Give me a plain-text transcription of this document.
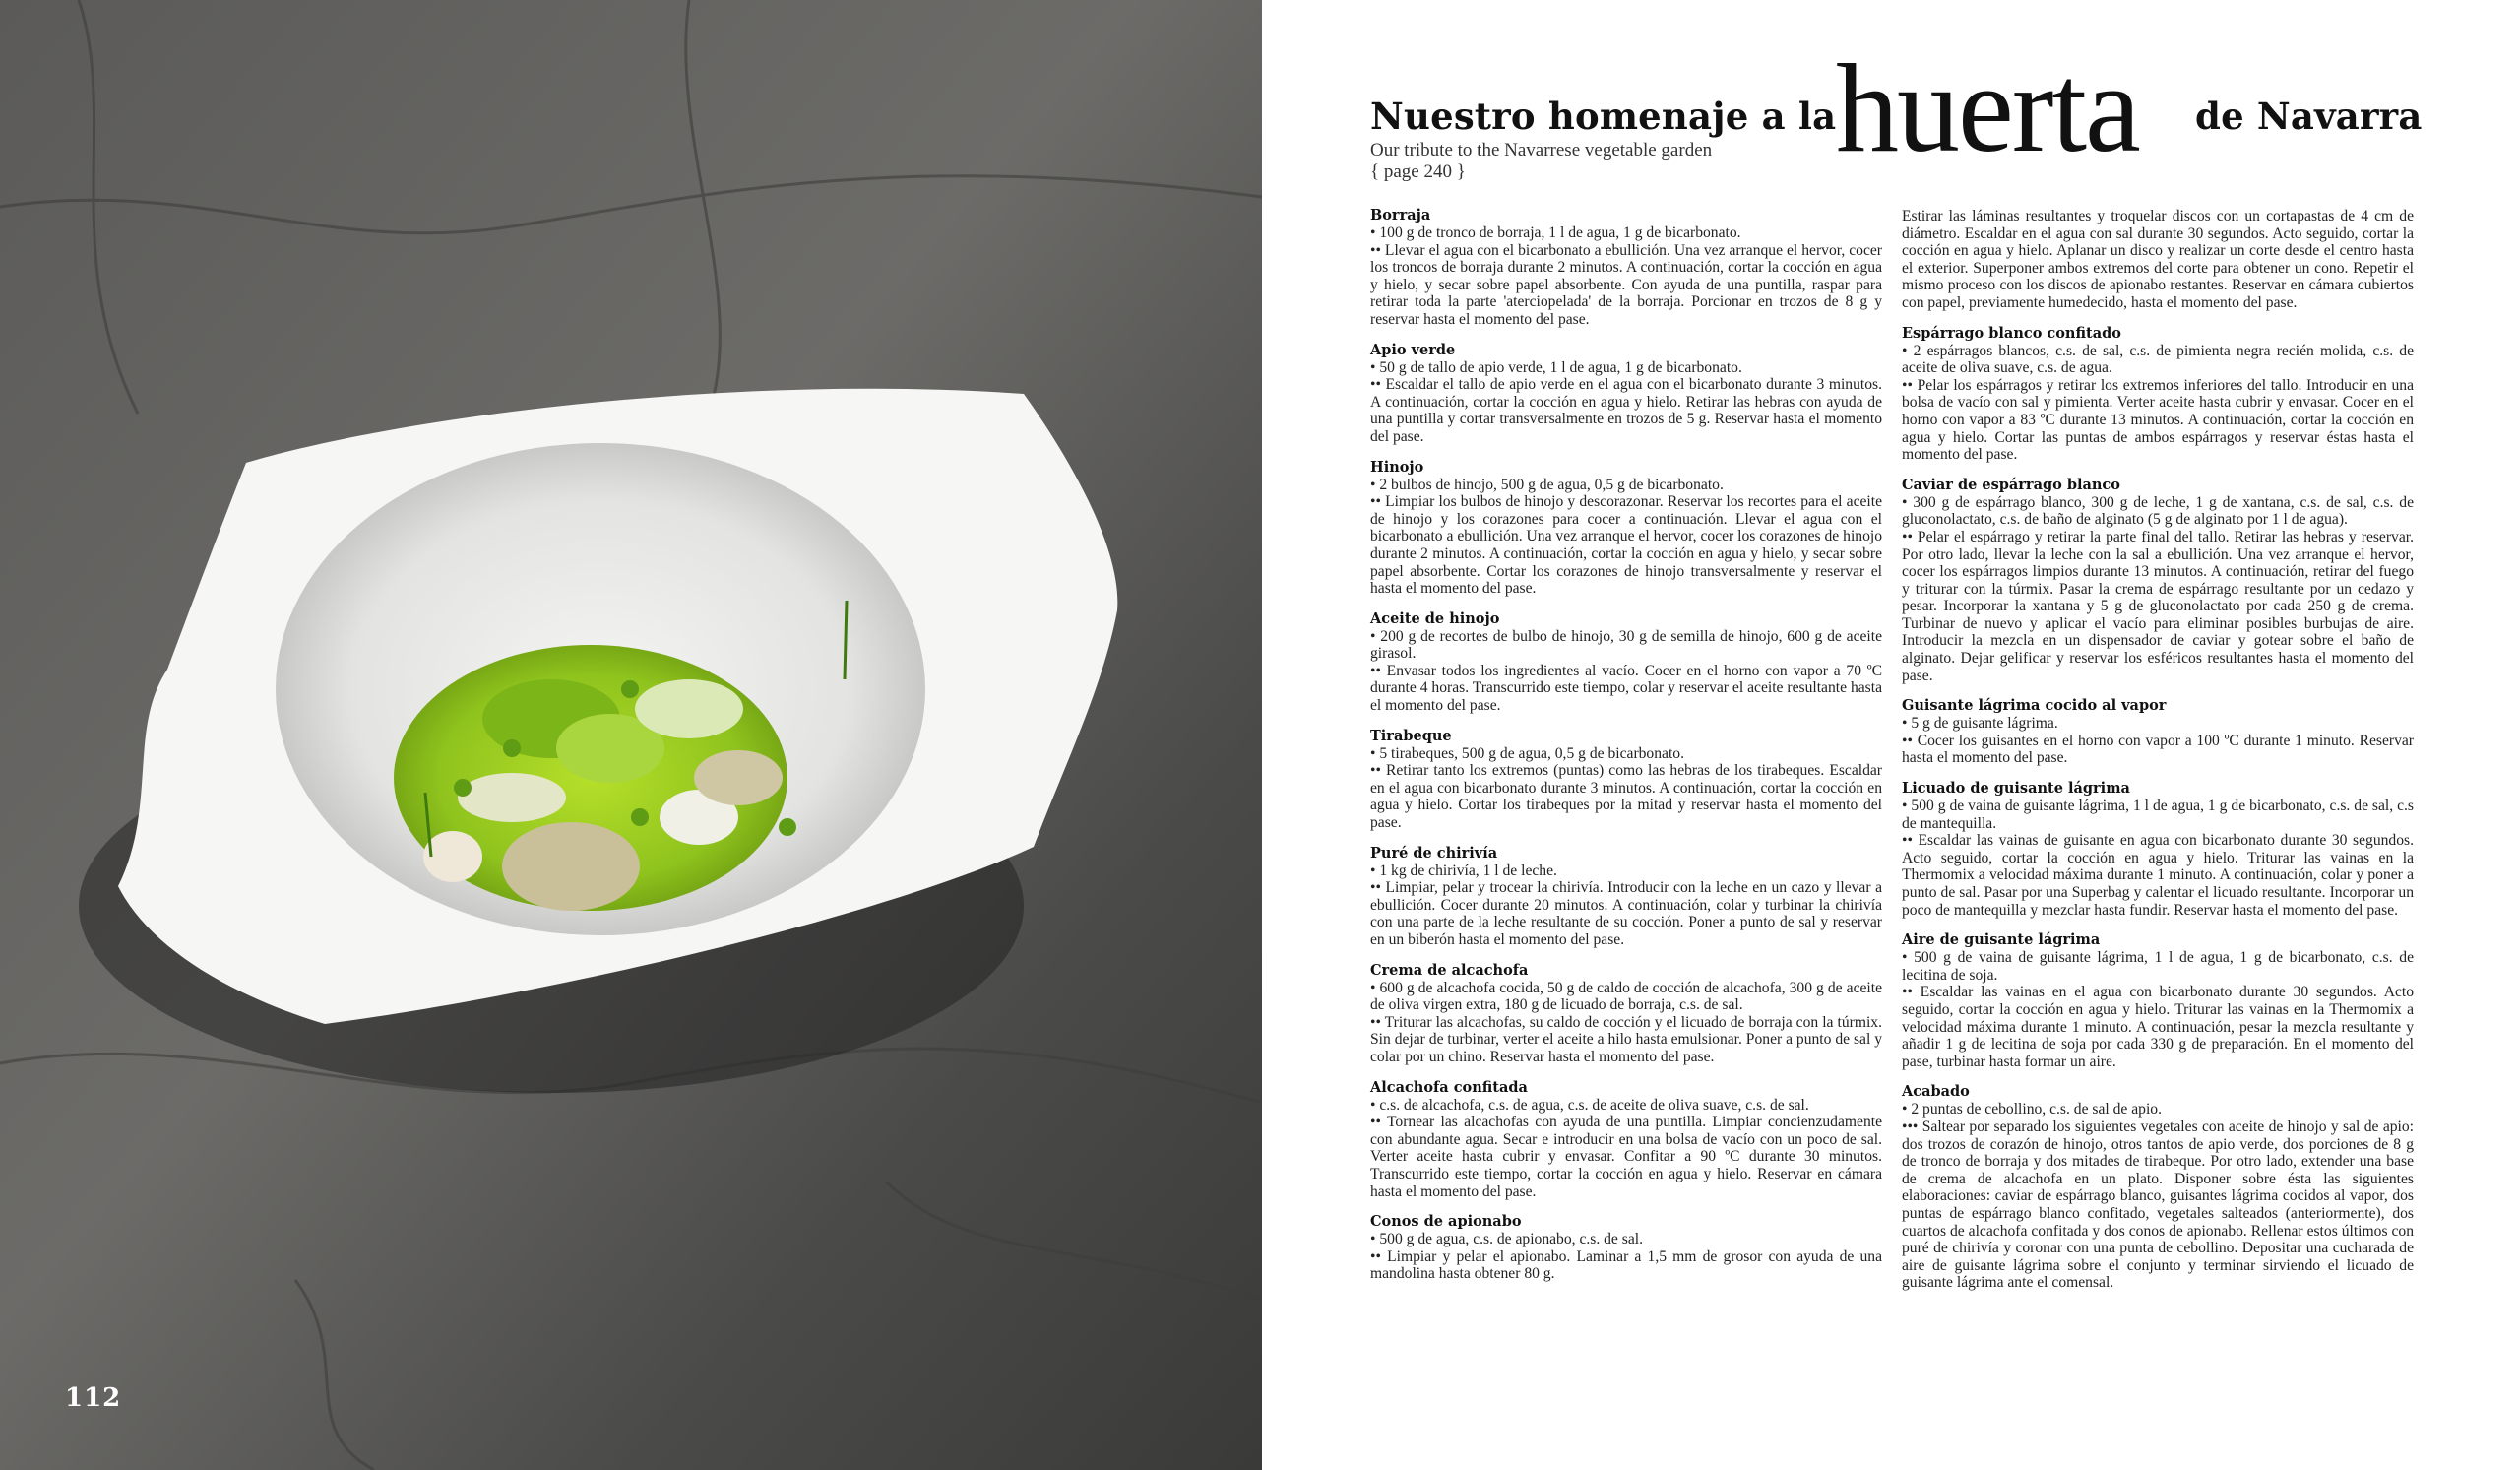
112
Nuestro homenaje a la huerta de Navarra
Our tribute to the Navarrese vegetable garden
{ page 240 }
Borraja
• 100 g de tronco de borraja, 1 l de agua, 1 g de bicarbonato.
•• Llevar el agua con el bicarbonato a ebullición. Una vez arranque el hervor, cocer los troncos de borraja durante 2 minutos. A continuación, cortar la cocción en agua y hielo, y secar sobre papel absorbente. Con ayuda de una puntilla, raspar para retirar toda la parte 'aterciopelada' de la borraja. Porcionar en trozos de 8 g y reservar hasta el momento del pase.
Apio verde
• 50 g de tallo de apio verde, 1 l de agua, 1 g de bicarbonato.
•• Escaldar el tallo de apio verde en el agua con el bicarbonato durante 3 minutos. A continuación, cortar la cocción en agua y hielo. Retirar las hebras con ayuda de una puntilla y cortar transversalmente en trozos de 5 g. Reservar hasta el momento del pase.
Hinojo
• 2 bulbos de hinojo, 500 g de agua, 0,5 g de bicarbonato.
•• Limpiar los bulbos de hinojo y descorazonar. Reservar los recortes para el aceite de hinojo y los corazones para cocer a continuación. Llevar el agua con el bicarbonato a ebullición. Una vez arranque el hervor, cocer los corazones de hinojo durante 2 minutos. A continuación, cortar la cocción en agua y hielo, y secar sobre papel absorbente. Cortar los corazones de hinojo transversalmente y reservar el hasta el momento del pase.
Aceite de hinojo
• 200 g de recortes de bulbo de hinojo, 30 g de semilla de hinojo, 600 g de aceite girasol.
•• Envasar todos los ingredientes al vacío. Cocer en el horno con vapor a 70 ºC durante 4 horas. Transcurrido este tiempo, colar y reservar el aceite resultante hasta el momento del pase.
Tirabeque
• 5 tirabeques, 500 g de agua, 0,5 g de bicarbonato.
•• Retirar tanto los extremos (puntas) como las hebras de los tirabeques. Escaldar en el agua con bicarbonato durante 3 minutos. A continuación, cortar la cocción en agua y hielo. Cortar los tirabeques por la mitad y reservar hasta el momento del pase.
Puré de chirivía
• 1 kg de chirivía, 1 l de leche.
•• Limpiar, pelar y trocear la chirivía. Introducir con la leche en un cazo y llevar a ebullición. Cocer durante 20 minutos. A continuación, colar y turbinar la chirivía con una parte de la leche resultante de su cocción. Poner a punto de sal y reservar en un biberón hasta el momento del pase.
Crema de alcachofa
• 600 g de alcachofa cocida, 50 g de caldo de cocción de alcachofa, 300 g de aceite de oliva virgen extra, 180 g de licuado de borraja, c.s. de sal.
•• Triturar las alcachofas, su caldo de cocción y el licuado de borraja con la túrmix. Sin dejar de turbinar, verter el aceite a hilo hasta emulsionar. Poner a punto de sal y colar por un chino. Reservar hasta el momento del pase.
Alcachofa confitada
• c.s. de alcachofa, c.s. de agua, c.s. de aceite de oliva suave, c.s. de sal.
•• Tornear las alcachofas con ayuda de una puntilla. Limpiar concienzudamente con abundante agua. Secar e introducir en una bolsa de vacío con un poco de sal. Verter aceite hasta cubrir y envasar. Confitar a 90 ºC durante 30 minutos. Transcurrido este tiempo, cortar la cocción en agua y hielo. Reservar en cámara hasta el momento del pase.
Conos de apionabo
• 500 g de agua, c.s. de apionabo, c.s. de sal.
•• Limpiar y pelar el apionabo. Laminar a 1,5 mm de grosor con ayuda de una mandolina hasta obtener 80 g.
Estirar las láminas resultantes y troquelar discos con un cortapastas de 4 cm de diámetro. Escaldar en el agua con sal durante 30 segundos. Acto seguido, cortar la cocción en agua y hielo. Aplanar un disco y realizar un corte desde el centro hasta el exterior. Superponer ambos extremos del corte para obtener un cono. Repetir el mismo proceso con los discos de apionabo restantes. Reservar en cámara cubiertos con papel, previamente humedecido, hasta el momento del pase.
Espárrago blanco confitado
• 2 espárragos blancos, c.s. de sal, c.s. de pimienta negra recién molida, c.s. de aceite de oliva suave, c.s. de agua.
•• Pelar los espárragos y retirar los extremos inferiores del tallo. Introducir en una bolsa de vacío con sal y pimienta. Verter aceite hasta cubrir y envasar. Cocer en el horno con vapor a 83 ºC durante 13 minutos. A continuación, cortar la cocción en agua y hielo. Cortar las puntas de ambos espárragos y reservar éstas hasta el momento del pase.
Caviar de espárrago blanco
• 300 g de espárrago blanco, 300 g de leche, 1 g de xantana, c.s. de sal, c.s. de gluconolactato, c.s. de baño de alginato (5 g de alginato por 1 l de agua).
•• Pelar el espárrago y retirar la parte final del tallo. Retirar las hebras y reservar. Por otro lado, llevar la leche con la sal a ebullición. Una vez arranque el hervor, cocer los espárragos limpios durante 13 minutos. A continuación, retirar del fuego y triturar con la túrmix. Pasar la crema de espárrago resultante por un cedazo y pesar. Incorporar la xantana y 5 g de gluconolactato por cada 250 g de crema. Turbinar de nuevo y aplicar el vacío para eliminar posibles burbujas de aire. Introducir la mezcla en un dispensador de caviar y gotear sobre el baño de alginato. Dejar gelificar y reservar los esféricos resultantes hasta el momento del pase.
Guisante lágrima cocido al vapor
• 5 g de guisante lágrima.
•• Cocer los guisantes en el horno con vapor a 100 ºC durante 1 minuto. Reservar hasta el momento del pase.
Licuado de guisante lágrima
• 500 g de vaina de guisante lágrima, 1 l de agua, 1 g de bicarbonato, c.s. de sal, c.s de mantequilla.
•• Escaldar las vainas de guisante en agua con bicarbonato durante 30 segundos. Acto seguido, cortar la cocción en agua y hielo. Triturar las vainas en la Thermomix a velocidad máxima durante 1 minuto. A continuación, colar y poner a punto de sal. Pasar por una Superbag y calentar el licuado resultante. Incorporar un poco de mantequilla y mezclar hasta fundir. Reservar hasta el momento del pase.
Aire de guisante lágrima
• 500 g de vaina de guisante lágrima, 1 l de agua, 1 g de bicarbonato, c.s. de lecitina de soja.
•• Escaldar las vainas en el agua con bicarbonato durante 30 segundos. Acto seguido, cortar la cocción en agua y hielo. Triturar las vainas en la Thermomix a velocidad máxima durante 1 minuto. A continuación, pesar la mezcla resultante y añadir 1 g de lecitina de soja por cada 330 g de preparación. En el momento del pase, turbinar hasta formar un aire.
Acabado
• 2 puntas de cebollino, c.s. de sal de apio.
••• Saltear por separado los siguientes vegetales con aceite de hinojo y sal de apio: dos trozos de corazón de hinojo, otros tantos de apio verde, dos porciones de 8 g de tronco de borraja y dos mitades de tirabeque. Por otro lado, extender una base de crema de alcachofa en un plato. Disponer sobre ésta las siguientes elaboraciones: caviar de espárrago blanco, guisantes lágrima cocidos al vapor, dos puntas de espárrago blanco confitado, vegetales salteados (anteriormente), dos cuartos de alcachofa confitada y dos conos de apionabo. Rellenar estos últimos con puré de chirivía y coronar con una punta de cebollino. Depositar una cucharada de aire de guisante lágrima sobre el conjunto y terminar sirviendo el licuado de guisante lágrima ante el comensal.
